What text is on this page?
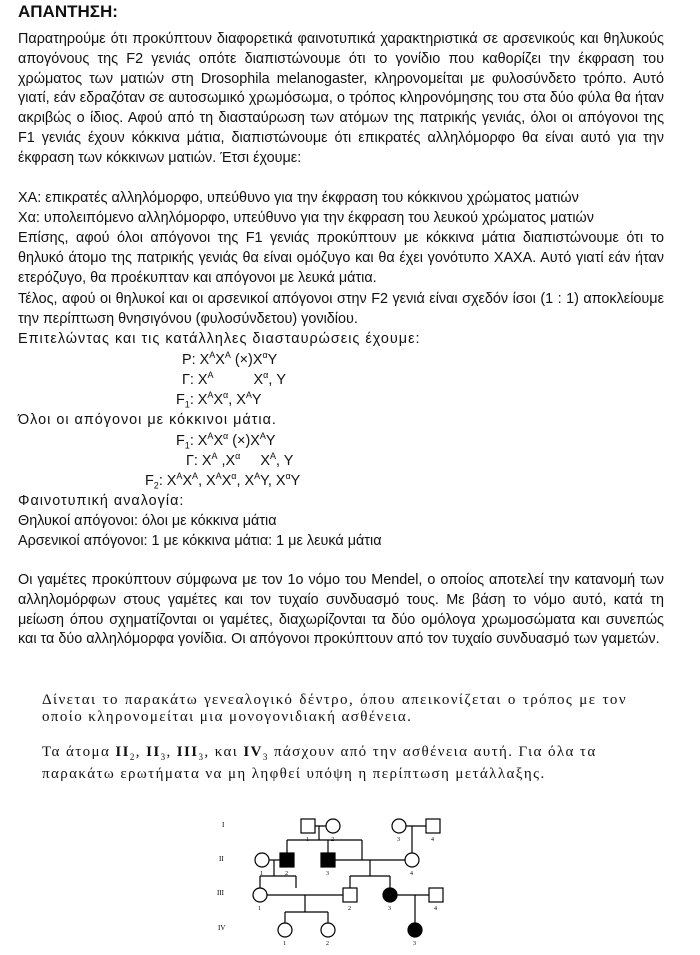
ΑΠΑΝΤΗΣΗ:

Παρατηρούμε ότι προκύπτουν διαφορετικά φαινοτυπικά χαρακτηριστικά σε αρσενικούς και θηλυκούς απογόνους της F2 γενιάς οπότε διαπιστώνουμε ότι το γονίδιο που καθορίζει την έκφραση του χρώματος των ματιών στη Drosophila melanogaster, κληρονομείται με φυλοσύνδετο τρόπο. Αυτό γιατί, εάν εδραζόταν σε αυτοσωμικό χρωμόσωμα, ο τρόπος κληρονόμησης του στα δύο φύλα θα ήταν ακριβώς ο ίδιος. Αφού από τη διασταύρωση των ατόμων της πατρικής γενιάς, όλοι οι απόγονοι της F1 γενιάς έχουν κόκκινα μάτια, διαπιστώνουμε ότι επικρατές αλληλόμορφο θα είναι αυτό για την έκφραση των κόκκινων ματιών. Έτσι έχουμε:

ΧΑ: επικρατές αλληλόμορφο, υπεύθυνο για την έκφραση του κόκκινου χρώματος ματιών

Χα: υπολειπόμενο αλληλόμορφο, υπεύθυνο για την έκφραση του λευκού χρώματος ματιών

Επίσης, αφού όλοι απόγονοι της F1 γενιάς προκύπτουν με κόκκινα μάτια διαπιστώνουμε ότι το θηλυκό άτομο της πατρικής γενιάς θα είναι ομόζυγο και θα έχει γονότυπο ΧΑΧΑ. Αυτό γιατί εάν ήταν ετερόζυγο, θα προέκυπταν και απόγονοι με λευκά μάτια.

Τέλος, αφού οι θηλυκοί και οι αρσενικοί απόγονοι στην F2 γενιά είναι σχεδόν ίσοι (1 : 1) αποκλείουμε την περίπτωση θνησιγόνου (φυλοσύνδετου) γονιδίου.

Επιτελώντας και τις κατάλληλες διασταυρώσεις έχουμε:

P: $X^AX^A$ $(\times)X^\alpha Y$
Γ: $X^A$          $X^\alpha$, Y
$F_1$: $X^AX^\alpha$, $X^AY$

Όλοι οι απόγονοι με κόκκινοι μάτια.

$F_1$: $X^AX^\alpha$ $(\times)X^AY$
Γ: $X^A$ $,X^\alpha$     $X^A$, Y
$F_2$: $X^AX^A$, $X^AX^\alpha$, $X^AY$, $X^\alpha Y$

Φαινοτυπική αναλογία:

Θηλυκοί απόγονοι: όλοι με κόκκινα μάτια

Αρσενικοί απόγονοι: 1 με κόκκινα μάτια: 1 με λευκά μάτια

Οι γαμέτες προκύπτουν σύμφωνα με τον 1ο νόμο του Mendel, ο οποίος αποτελεί την κατανομή των αλληλομόρφων στους γαμέτες και τον τυχαίο συνδυασμό τους. Με βάση το νόμο αυτό, κατά τη μείωση όπου σχηματίζονται οι γαμέτες, διαχωρίζονται τα δύο ομόλογα χρωμοσώματα και συνεπώς και τα δύο αλληλόμορφα γονίδια. Οι απόγονοι προκύπτουν από τον τυχαίο συνδυασμό των γαμετών.

Δίνεται το παρακάτω γενεαλογικό δέντρο, όπου απεικονίζεται ο τρόπος με τον οποίο κληρονομείται μια μονογονιδιακή ασθένεια.

Τα άτομα $II_2$, $II_3$, $III_3$, και $IV_3$ πάσχουν από την ασθένεια αυτή. Για όλα τα παρακάτω ερωτήματα να μη ληφθεί υπόψη η περίπτωση μετάλλαξης.

I
II
III
IV
1	2	3	4
1	2	3	4
1	2	3	4
1	2	3
